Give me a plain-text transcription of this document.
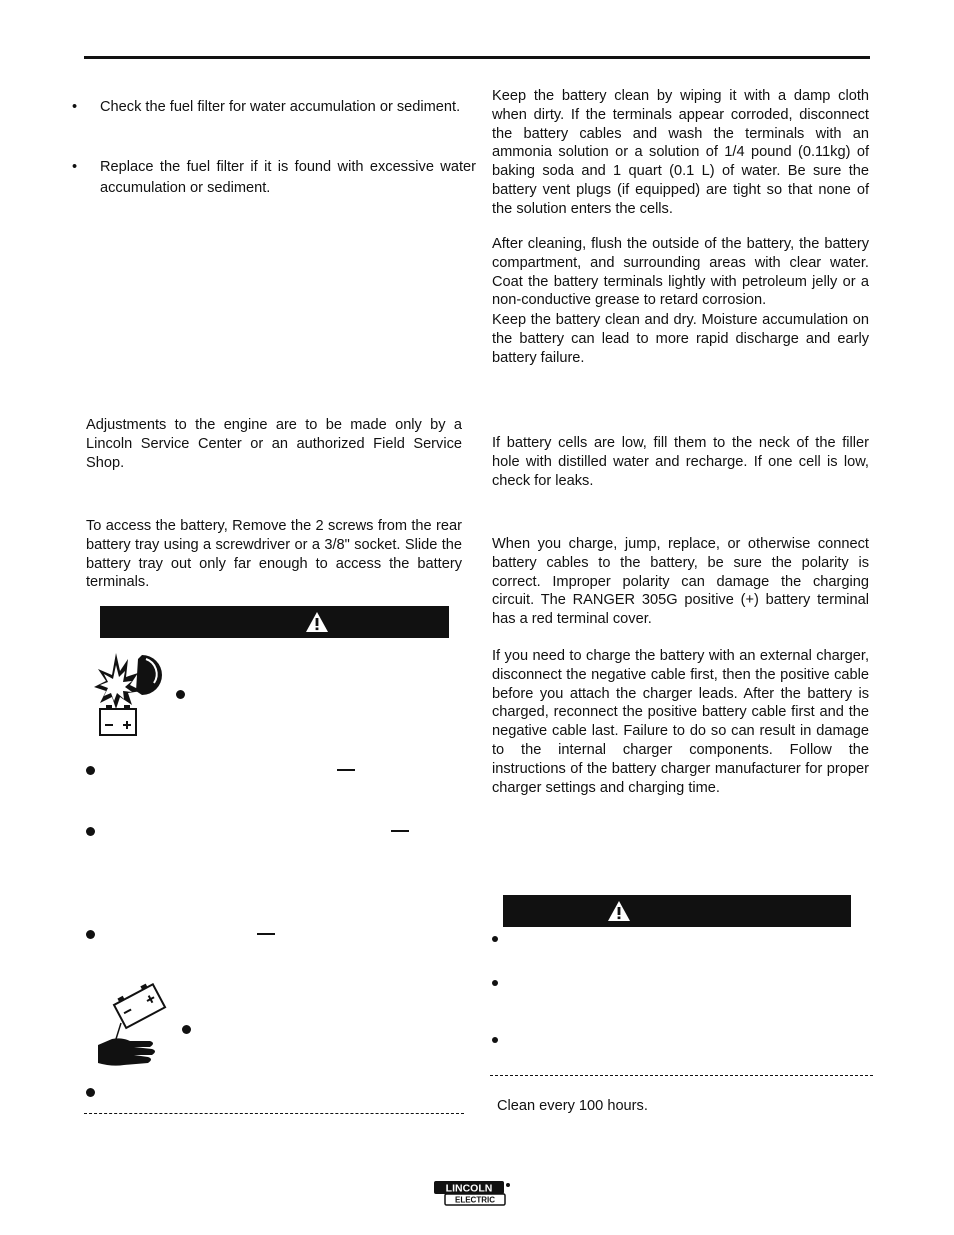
• Check the fuel filter for water accumulation or sediment.
• Replace the fuel filter if it is found with excessive water accumulation or sediment.

Adjustments to the engine are to be made only by a Lincoln Service Center or an authorized Field Service Shop.

To access the battery, Remove the 2 screws from the rear battery tray using a screwdriver or a 3/8" socket. Slide the battery tray out only far enough to access the battery terminals.

Keep the battery clean by wiping it with a damp cloth when dirty. If the terminals appear corroded, disconnect the battery cables and wash the terminals with an ammonia solution or a solution of 1/4 pound (0.11kg) of baking soda and 1 quart (0.1 L) of water. Be sure the battery vent plugs (if equipped) are tight so that none of the solution enters the cells.

After cleaning, flush the outside of the battery, the battery compartment, and surrounding areas with clear water. Coat the battery terminals lightly with petroleum jelly or a non-conductive grease to retard corrosion.

Keep the battery clean and dry. Moisture accumulation on the battery can lead to more rapid discharge and early battery failure.

If battery cells are low, fill them to the neck of the filler hole with distilled water and recharge. If one cell is low, check for leaks.

When you charge, jump, replace, or otherwise connect battery cables to the battery, be sure the polarity is correct. Improper polarity can damage the charging circuit. The RANGER 305G positive (+) battery terminal has a red terminal cover.

If you need to charge the battery with an external charger, disconnect the negative cable first, then the positive cable before you attach the charger leads. After the battery is charged, reconnect the positive battery cable first and the negative cable last. Failure to do so can result in damage to the internal charger components. Follow the instructions of the battery charger manufacturer for proper charger settings and charging time.

Clean every 100 hours.

LINCOLN
ELECTRIC
